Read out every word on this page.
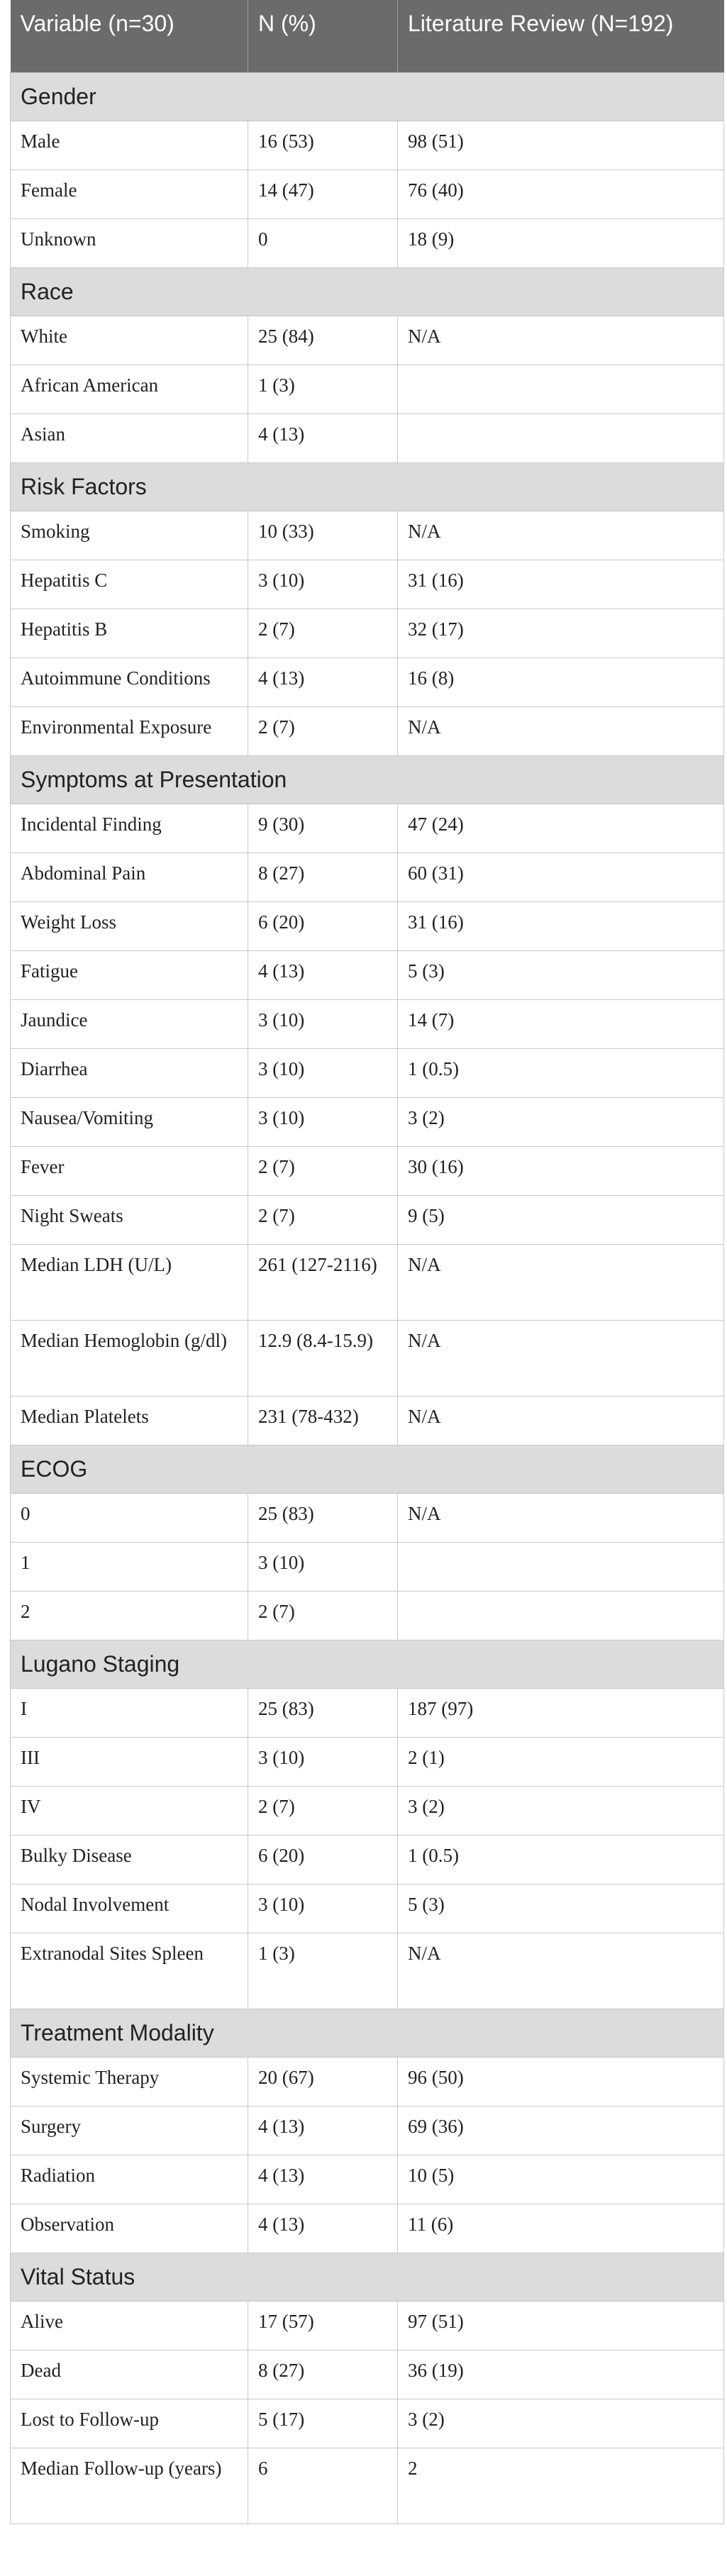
Variable (n=30)	N (%)	Literature Review (N=192)
Gender		
Male	16 (53)	98 (51)
Female	14 (47)	76 (40)
Unknown	0	18 (9)
Race		
White	25 (84)	N/A
African American	1 (3)	
Asian	4 (13)	
Risk Factors		
Smoking	10 (33)	N/A
Hepatitis C	3 (10)	31 (16)
Hepatitis B	2 (7)	32 (17)
Autoimmune Conditions	4 (13)	16 (8)
Environmental Exposure	2 (7)	N/A
Symptoms at Presentation		
Incidental Finding	9 (30)	47 (24)
Abdominal Pain	8 (27)	60 (31)
Weight Loss	6 (20)	31 (16)
Fatigue	4 (13)	5 (3)
Jaundice	3 (10)	14 (7)
Diarrhea	3 (10)	1 (0.5)
Nausea/Vomiting	3 (10)	3 (2)
Fever	2 (7)	30 (16)
Night Sweats	2 (7)	9 (5)
Median LDH (U/L)	261 (127-2116)	N/A
Median Hemoglobin (g/dl)	12.9 (8.4-15.9)	N/A
Median Platelets	231 (78-432)	N/A
ECOG		
0	25 (83)	N/A
1	3 (10)	
2	2 (7)	
Lugano Staging		
I	25 (83)	187 (97)
III	3 (10)	2 (1)
IV	2 (7)	3 (2)
Bulky Disease	6 (20)	1 (0.5)
Nodal Involvement	3 (10)	5 (3)
Extranodal Sites Spleen	1 (3)	N/A
Treatment Modality		
Systemic Therapy	20 (67)	96 (50)
Surgery	4 (13)	69 (36)
Radiation	4 (13)	10 (5)
Observation	4 (13)	11 (6)
Vital Status		
Alive	17 (57)	97 (51)
Dead	8 (27)	36 (19)
Lost to Follow-up	5 (17)	3 (2)
Median Follow-up (years)	6	2
